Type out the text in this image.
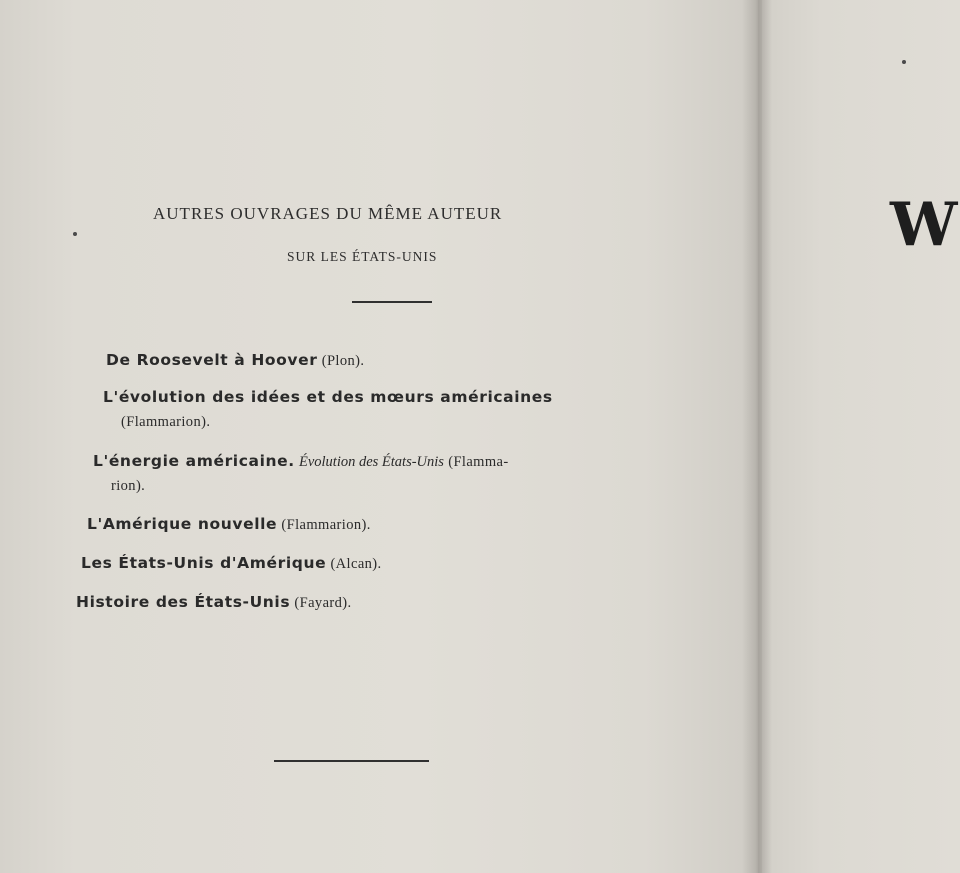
AUTRES OUVRAGES DU MÊME AUTEUR
SUR LES ÉTATS-UNIS
De Roosevelt à Hoover (Plon).
L'évolution des idées et des mœurs américaines
(Flammarion).
L'énergie américaine. Évolution des États-Unis (Flamma-
rion).
L'Amérique nouvelle (Flammarion).
Les États-Unis d'Amérique (Alcan).
Histoire des États-Unis (Fayard).
W
